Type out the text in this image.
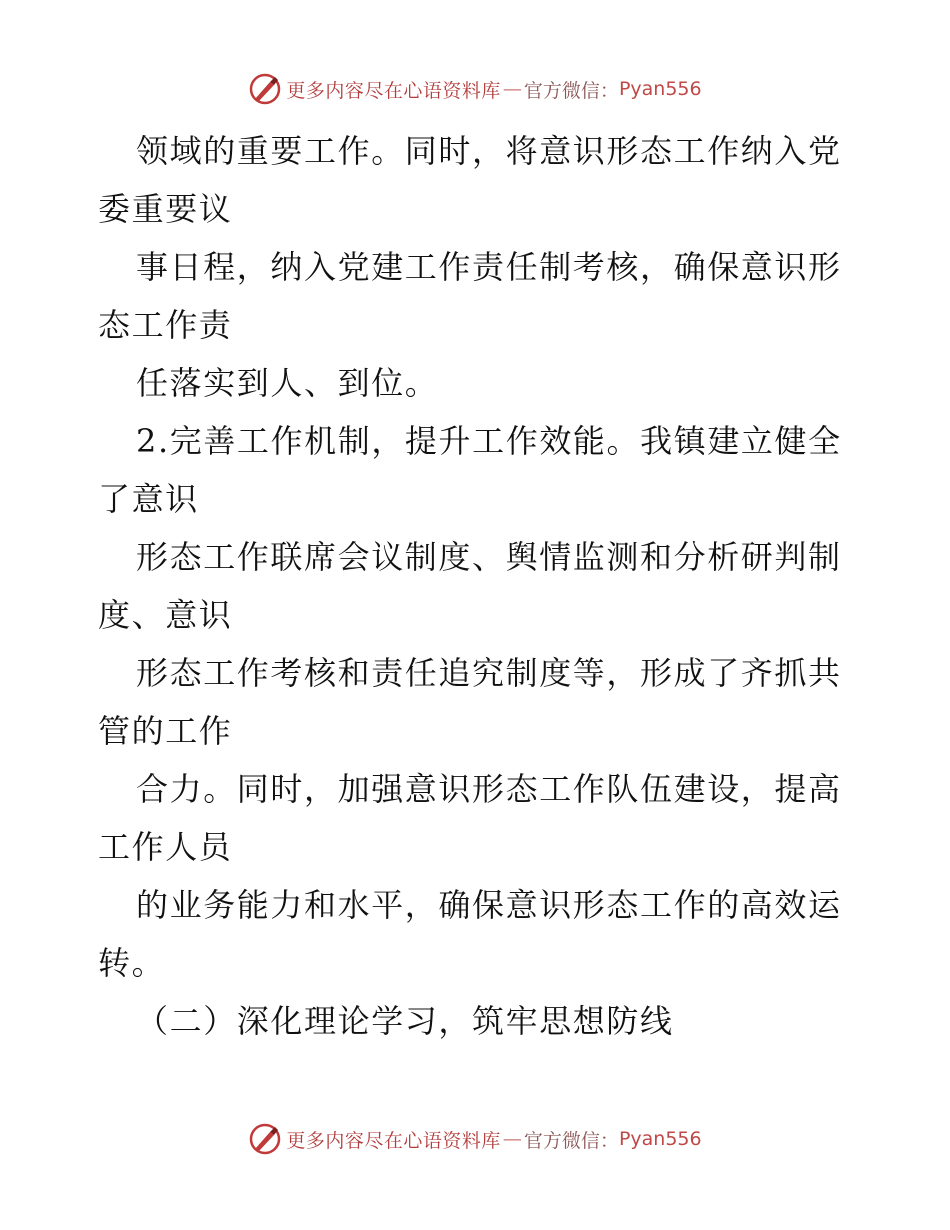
更多内容尽在心语资料库 — 官方微信： Pyan556
领域的重要工作。同时，将意识形态工作纳入党
委重要议
事日程，纳入党建工作责任制考核，确保意识形
态工作责
任落实到人、到位。
2.完善工作机制，提升工作效能。我镇建立健全
了意识
形态工作联席会议制度、舆情监测和分析研判制
度、意识
形态工作考核和责任追究制度等，形成了齐抓共
管的工作
合力。同时，加强意识形态工作队伍建设，提高
工作人员
的业务能力和水平，确保意识形态工作的高效运
转。
（二）深化理论学习，筑牢思想防线
更多内容尽在心语资料库 — 官方微信： Pyan556
